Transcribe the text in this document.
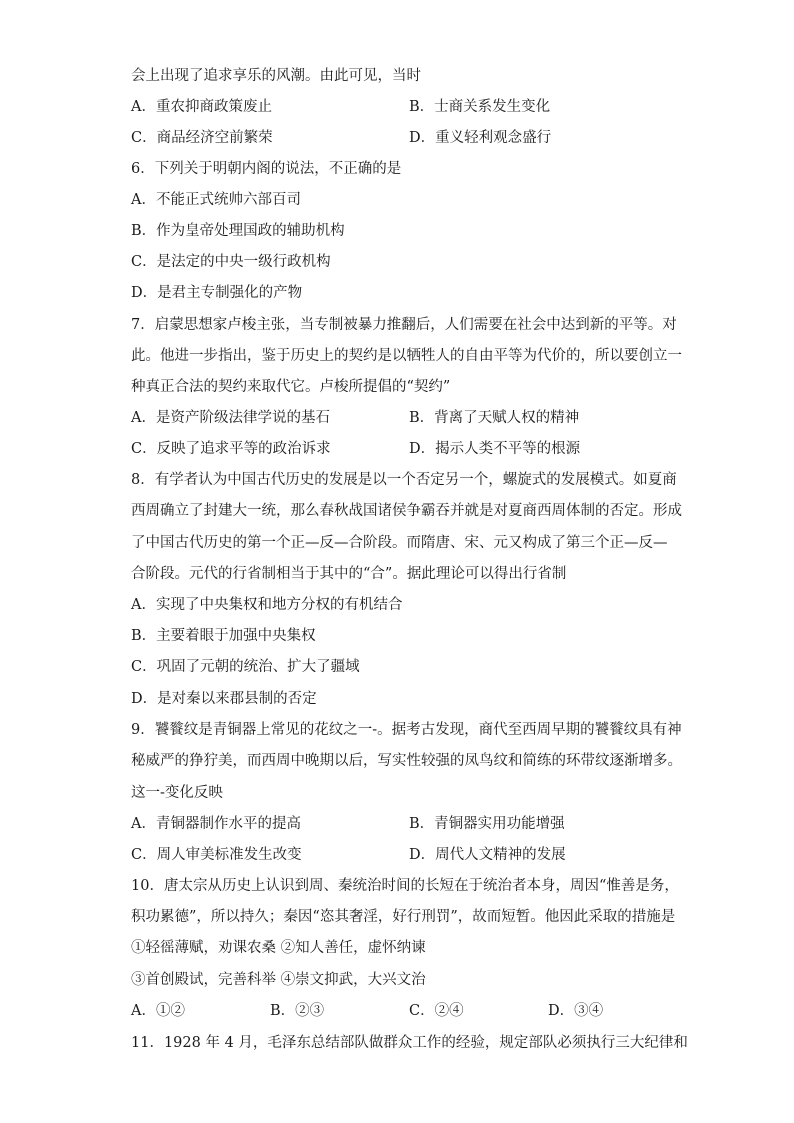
会上出现了追求享乐的风潮。由此可见，当时
A．重农抑商政策废止	B．士商关系发生变化
C．商品经济空前繁荣	D．重义轻利观念盛行
6．下列关于明朝内阁的说法，不正确的是
A．不能正式统帅六部百司
B．作为皇帝处理国政的辅助机构
C．是法定的中央一级行政机构
D．是君主专制强化的产物
7．启蒙思想家卢梭主张，当专制被暴力推翻后，人们需要在社会中达到新的平等。对
此。他进一步指出，鉴于历史上的契约是以牺牲人的自由平等为代价的，所以要创立一
种真正合法的契约来取代它。卢梭所提倡的“契约”
A．是资产阶级法律学说的基石	B．背离了天赋人权的精神
C．反映了追求平等的政治诉求	D．揭示人类不平等的根源
8．有学者认为中国古代历史的发展是以一个否定另一个，螺旋式的发展模式。如夏商
西周确立了封建大一统，那么春秋战国诸侯争霸吞并就是对夏商西周体制的否定。形成
了中国古代历史的第一个正—反—合阶段。而隋唐、宋、元又构成了第三个正—反—
合阶段。元代的行省制相当于其中的“合”。据此理论可以得出行省制
A．实现了中央集权和地方分权的有机结合
B．主要着眼于加强中央集权
C．巩固了元朝的统治、扩大了疆域
D．是对秦以来郡县制的否定
9．饕餮纹是青铜器上常见的花纹之一-。据考古发现，商代至西周早期的饕餮纹具有神
秘威严的狰狞美，而西周中晚期以后，写实性较强的凤鸟纹和简练的环带纹逐渐增多。
这一-变化反映
A．青铜器制作水平的提高	B．青铜器实用功能增强
C．周人审美标准发生改变	D．周代人文精神的发展
10．唐太宗从历史上认识到周、秦统治时间的长短在于统治者本身，周因“惟善是务，
积功累德”，所以持久；秦因“恣其奢淫，好行刑罚”，故而短暂。他因此采取的措施是
①轻徭薄赋，劝课农桑 ②知人善任，虚怀纳谏
③首创殿试，完善科举 ④崇文抑武，大兴文治
A．①②	B．②③	C．②④	D．③④
11．1928 年 4 月，毛泽东总结部队做群众工作的经验，规定部队必须执行三大纪律和
